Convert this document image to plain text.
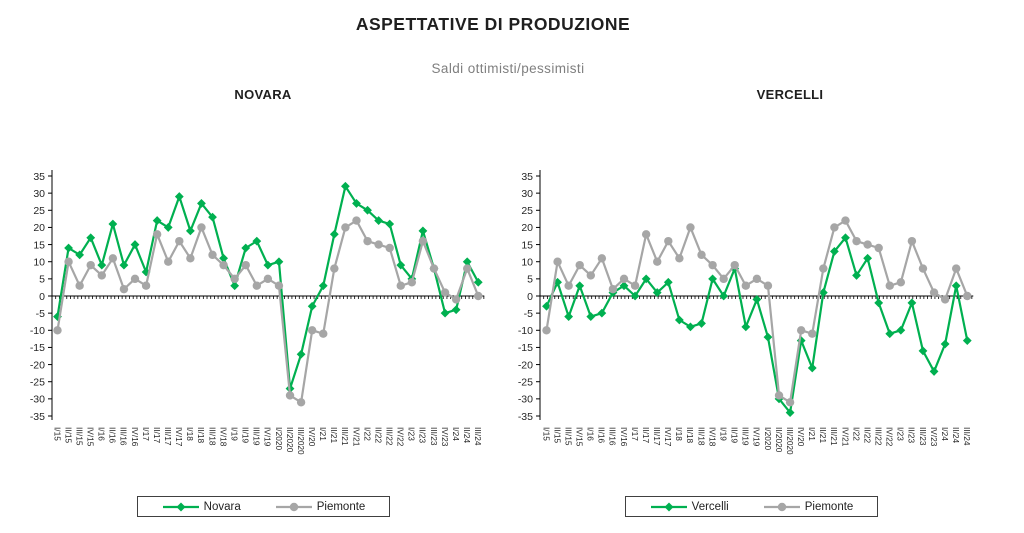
ASPETTATIVE DI PRODUZIONE
Saldi ottimisti/pessimisti
NOVARA	VERCELLI
35
30
25
20
15
10
5
0
-5
-10
-15
-20
-25
-30
-35
I/15 II/15 III/15 IV/15 I/16 II/16 III/16 IV/16 I/17 II/17 III/17 IV/17 I/18 II/18 III/18 IV/18 I/19 II/19 III/19 IV/19 I/2020 II/2020 III/2020 IV/20 I/21 II/21 III/21 IV/21 I/22 II/22 III/22 IV/22 I/23 II/23 III/23 IV/23 I/24 II/24 III/24
35
30
25
20
15
10
5
0
-5
-10
-15
-20
-25
-30
-35
I/15 II/15 III/15 IV/15 I/16 II/16 III/16 IV/16 I/17 II/17 III/17 IV/17 I/18 II/18 III/18 IV/18 I/19 II/19 III/19 IV/19 I/2020 II/2020 III/2020 IV/20 I/21 II/21 III/21 IV/21 I/22 II/22 III/22 IV/22 I/23 II/23 III/23 IV/23 I/24 II/24 III/24
Novara	Piemonte	Vercelli	Piemonte
